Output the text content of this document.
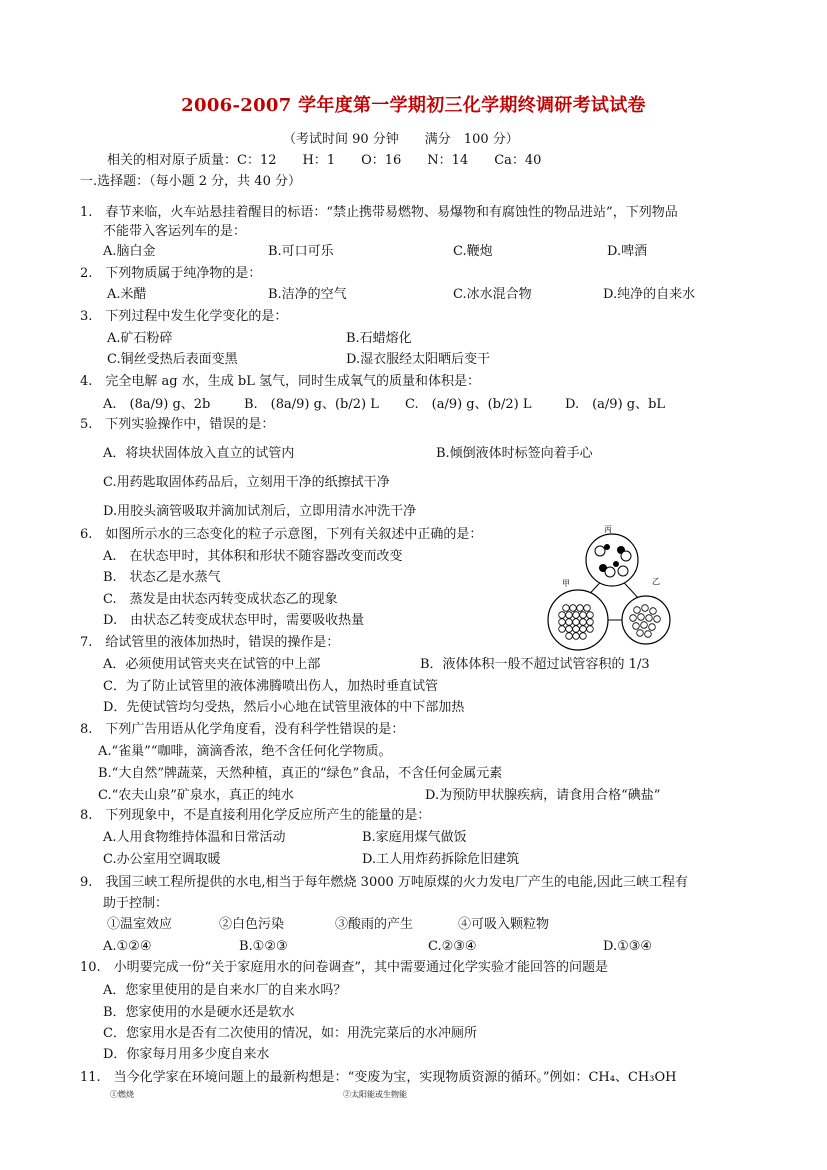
2006-2007 学年度第一学期初三化学期终调研考试试卷
（考试时间 90 分钟　　满分　100 分）
相关的相对原子质量：C：12　　H：1　　O：16　　N：14　　Ca：40
一.选择题：（每小题 2 分，共 40 分）
1.　春节来临，火车站悬挂着醒目的标语：“禁止携带易燃物、易爆物和有腐蚀性的物品进站”，下列物品
不能带入客运列车的是：
A.脑白金	B.可口可乐	C.鞭炮	D.啤酒
2.　下列物质属于纯净物的是：
A.米醋	B.洁净的空气	C.冰水混合物	D.纯净的自来水
3.　下列过程中发生化学变化的是：
A.矿石粉碎	B.石蜡熔化
C.铜丝受热后表面变黑	D.湿衣服经太阳晒后变干
4.　完全电解 ag 水，生成 bL 氢气，同时生成氧气的质量和体积是：
A.　(8a/9) g、2b	B.　(8a/9) g、(b/2) L C.　(a/9) g、(b/2) L	D.　(a/9) g、bL
5.　下列实验操作中，错误的是：
A．将块状固体放入直立的试管内	B.倾倒液体时标签向着手心
C.用药匙取固体药品后，立刻用干净的纸擦拭干净
D.用胶头滴管吸取并滴加试剂后，立即用清水冲洗干净
6.　如图所示水的三态变化的粒子示意图，下列有关叙述中正确的是：
A.　在状态甲时，其体积和形状不随容器改变而改变
B.　状态乙是水蒸气
C.　蒸发是由状态丙转变成状态乙的现象
D.　由状态乙转变成状态甲时，需要吸收热量
丙
甲	乙
7.　给试管里的液体加热时，错误的操作是：
A．必须使用试管夹夹在试管的中上部	B．液体体积一般不超过试管容积的 1/3
C．为了防止试管里的液体沸腾喷出伤人，加热时垂直试管
D．先使试管均匀受热，然后小心地在试管里液体的中下部加热
8.　下列广告用语从化学角度看，没有科学性错误的是：
A.“雀巢”“咖啡，滴滴香浓，绝不含任何化学物质。
B.“大自然”牌蔬菜，天然种植，真正的“绿色”食品，不含任何金属元素
C.“农夫山泉”矿泉水，真正的纯水	D.为预防甲状腺疾病，请食用合格“碘盐”
8.　下列现象中，不是直接利用化学反应所产生的能量的是：
A.人用食物维持体温和日常活动	B.家庭用煤气做饭
C.办公室用空调取暖	D.工人用炸药拆除危旧建筑
9.　我国三峡工程所提供的水电,相当于每年燃烧 3000 万吨原煤的火力发电厂产生的电能,因此三峡工程有
助于控制：
①温室效应	②白色污染	③酸雨的产生	④可吸入颗粒物
A.①②④	B.①②③	C.②③④	D.①③④
10.　小明要完成一份“关于家庭用水的问卷调查”，其中需要通过化学实验才能回答的问题是
A．您家里使用的是自来水厂的自来水吗？
B．您家使用的水是硬水还是软水
C．您家用水是否有二次使用的情况，如：用洗完菜后的水冲厕所
D．你家每月用多少度自来水
11.　当今化学家在环境问题上的最新构想是：“变废为宝，实现物质资源的循环。”例如：CH₄、CH₃OH
①燃烧	②太阳能或生物能
